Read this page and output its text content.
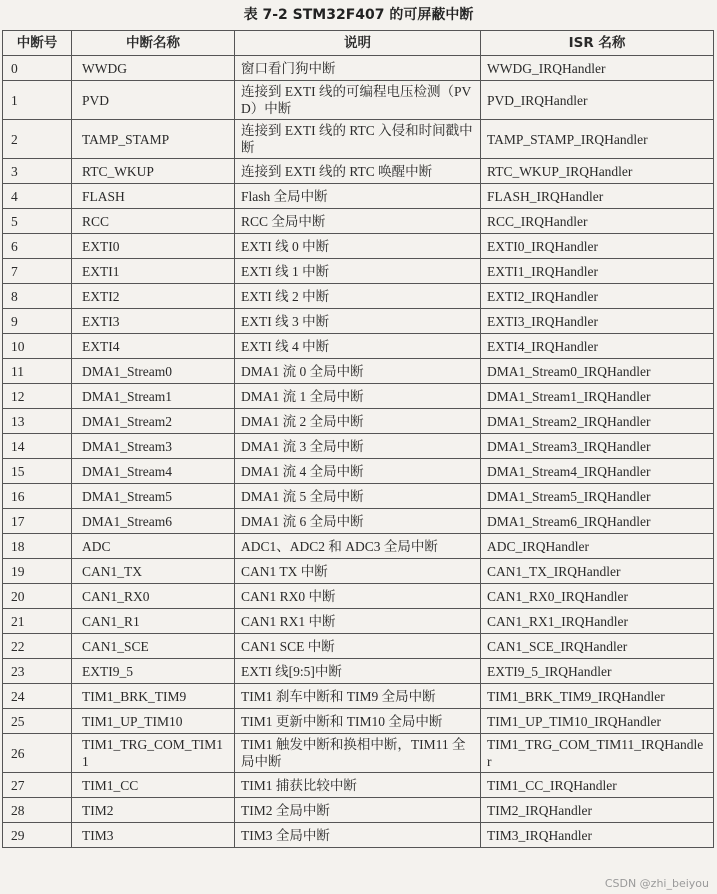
表 7-2 STM32F407 的可屏蔽中断
中断号	中断名称	说明	ISR 名称
0	WWDG	窗口看门狗中断	WWDG_IRQHandler
1	PVD	连接到 EXTI 线的可编程电压检测（PVD）中断	PVD_IRQHandler
2	TAMP_STAMP	连接到 EXTI 线的 RTC 入侵和时间戳中断	TAMP_STAMP_IRQHandler
3	RTC_WKUP	连接到 EXTI 线的 RTC 唤醒中断	RTC_WKUP_IRQHandler
4	FLASH	Flash 全局中断	FLASH_IRQHandler
5	RCC	RCC 全局中断	RCC_IRQHandler
6	EXTI0	EXTI 线 0 中断	EXTI0_IRQHandler
7	EXTI1	EXTI 线 1 中断	EXTI1_IRQHandler
8	EXTI2	EXTI 线 2 中断	EXTI2_IRQHandler
9	EXTI3	EXTI 线 3 中断	EXTI3_IRQHandler
10	EXTI4	EXTI 线 4 中断	EXTI4_IRQHandler
11	DMA1_Stream0	DMA1 流 0 全局中断	DMA1_Stream0_IRQHandler
12	DMA1_Stream1	DMA1 流 1 全局中断	DMA1_Stream1_IRQHandler
13	DMA1_Stream2	DMA1 流 2 全局中断	DMA1_Stream2_IRQHandler
14	DMA1_Stream3	DMA1 流 3 全局中断	DMA1_Stream3_IRQHandler
15	DMA1_Stream4	DMA1 流 4 全局中断	DMA1_Stream4_IRQHandler
16	DMA1_Stream5	DMA1 流 5 全局中断	DMA1_Stream5_IRQHandler
17	DMA1_Stream6	DMA1 流 6 全局中断	DMA1_Stream6_IRQHandler
18	ADC	ADC1、ADC2 和 ADC3 全局中断	ADC_IRQHandler
19	CAN1_TX	CAN1 TX 中断	CAN1_TX_IRQHandler
20	CAN1_RX0	CAN1 RX0 中断	CAN1_RX0_IRQHandler
21	CAN1_R1	CAN1 RX1 中断	CAN1_RX1_IRQHandler
22	CAN1_SCE	CAN1 SCE 中断	CAN1_SCE_IRQHandler
23	EXTI9_5	EXTI 线[9:5]中断	EXTI9_5_IRQHandler
24	TIM1_BRK_TIM9	TIM1 刹车中断和 TIM9 全局中断	TIM1_BRK_TIM9_IRQHandler
25	TIM1_UP_TIM10	TIM1 更新中断和 TIM10 全局中断	TIM1_UP_TIM10_IRQHandler
26	TIM1_TRG_COM_TIM11	TIM1 触发中断和换相中断，TIM11 全局中断	TIM1_TRG_COM_TIM11_IRQHandler
27	TIM1_CC	TIM1 捕获比较中断	TIM1_CC_IRQHandler
28	TIM2	TIM2 全局中断	TIM2_IRQHandler
29	TIM3	TIM3 全局中断	TIM3_IRQHandler
CSDN @zhi_beiyou
